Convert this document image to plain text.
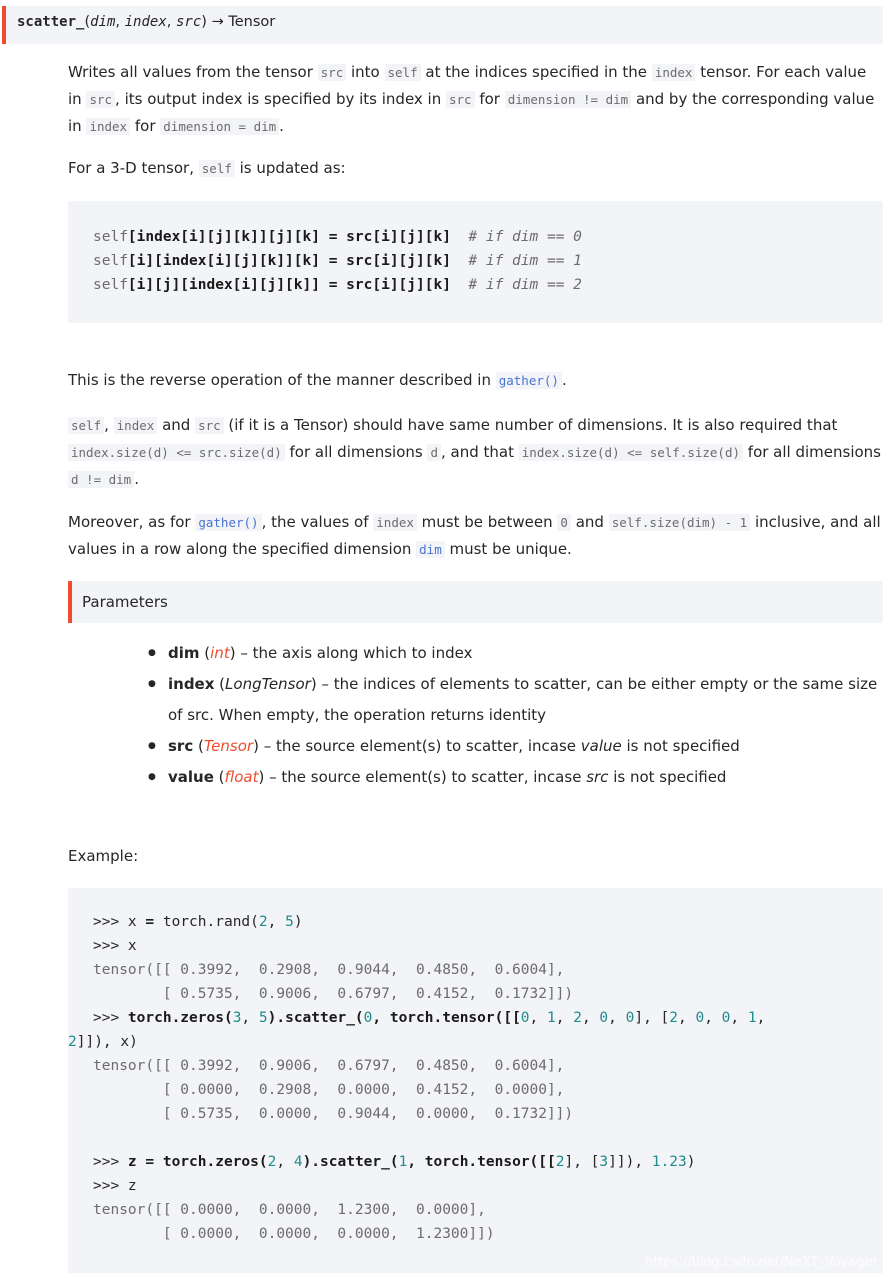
scatter_(dim, index, src) → Tensor
Writes all values from the tensor src into self at the indices specified in the index tensor. For each value in src , its output index is specified by its index in src for dimension != dim and by the corresponding value in index for dimension = dim .
For a 3-D tensor, self is updated as:
self[index[i][j][k]][j][k] = src[i][j][k] # if dim == 0
self[i][index[i][j][k]][k] = src[i][j][k] # if dim == 1
self[i][j][index[i][j][k]] = src[i][j][k] # if dim == 2
This is the reverse operation of the manner described in gather() .
self , index and src (if it is a Tensor) should have same number of dimensions. It is also required that index.size(d) <= src.size(d) for all dimensions d , and that index.size(d) <= self.size(d) for all dimensions d != dim .
Moreover, as for gather() , the values of index must be between 0 and self.size(dim) - 1 inclusive, and all values in a row along the specified dimension dim must be unique.
Parameters
● dim (int) – the axis along which to index
● index (LongTensor) – the indices of elements to scatter, can be either empty or the same size of src. When empty, the operation returns identity
● src (Tensor) – the source element(s) to scatter, incase value is not specified
● value (float) – the source element(s) to scatter, incase src is not specified
Example:
>>> x = torch.rand(2, 5)
>>> x
tensor([[ 0.3992,  0.2908,  0.9044,  0.4850,  0.6004],
[ 0.5735,  0.9006,  0.6797,  0.4152,  0.1732]])
>>> torch.zeros(3, 5).scatter_(0, torch.tensor([[0, 1, 2, 0, 0], [2, 0, 0, 1,
2]]), x)
tensor([[ 0.3992,  0.9006,  0.6797,  0.4850,  0.6004],
[ 0.0000,  0.2908,  0.0000,  0.4152,  0.0000],
[ 0.5735,  0.0000,  0.9044,  0.0000,  0.1732]])

>>> z = torch.zeros(2, 4).scatter_(1, torch.tensor([[2], [3]]), 1.23)
>>> z
tensor([[ 0.0000,  0.0000,  1.2300,  0.0000],
[ 0.0000,  0.0000,  0.0000,  1.2300]])
https://blog.csdn.net/NeXT_Voyager
